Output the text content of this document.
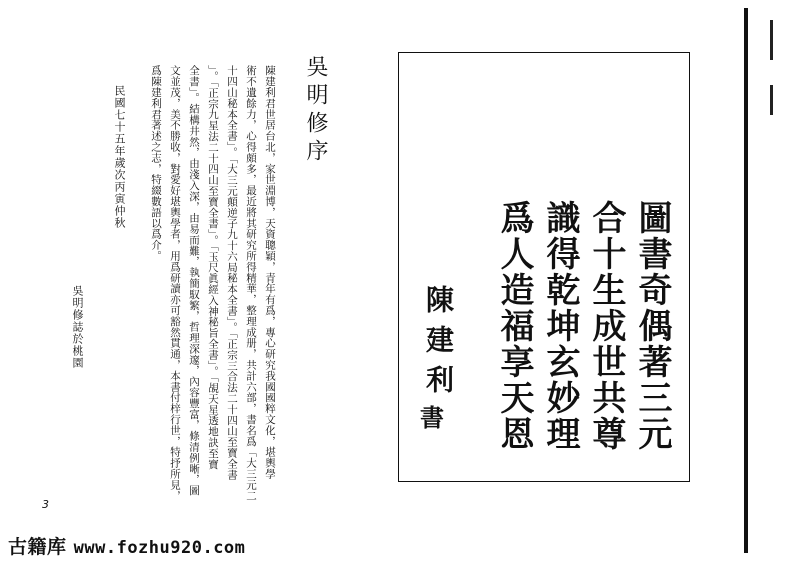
吳明修序
陳建利君世居台北，家世淵博，天資聰穎，青年有爲，專心研究我國國粹文化，堪輿學
術不遺餘力，心得頗多，最近將其研究所得精華，整理成册，共計六部，書名爲「大三元二
十四山秘本全書」。「大三元顛逆子九十六局秘本全書」。「正宗三合法二十四山至寶全書
」。「正宗九星法二十四山至寶全書」。「玉尺眞經入神秘旨全書」。「覘天星透地訣至寶
全書」。結構井然，由淺入深，由易而難，執簡馭繁，哲理深邃，內容豐富，條清例晰，圖
文並茂，美不勝收，對愛好堪輿學者，用爲研讀亦可豁然貫通，本書付梓行世，特抒所見，
爲陳建利君著述之志，特綴數語以爲介。
民國七十五年歲次丙寅仲秋
吳明修誌於桃園
3
圖書奇偶著三元
合十生成世共尊
識得乾坤玄妙理
爲人造福享天恩
陳建利
書
古籍库 www.fozhu920.com
